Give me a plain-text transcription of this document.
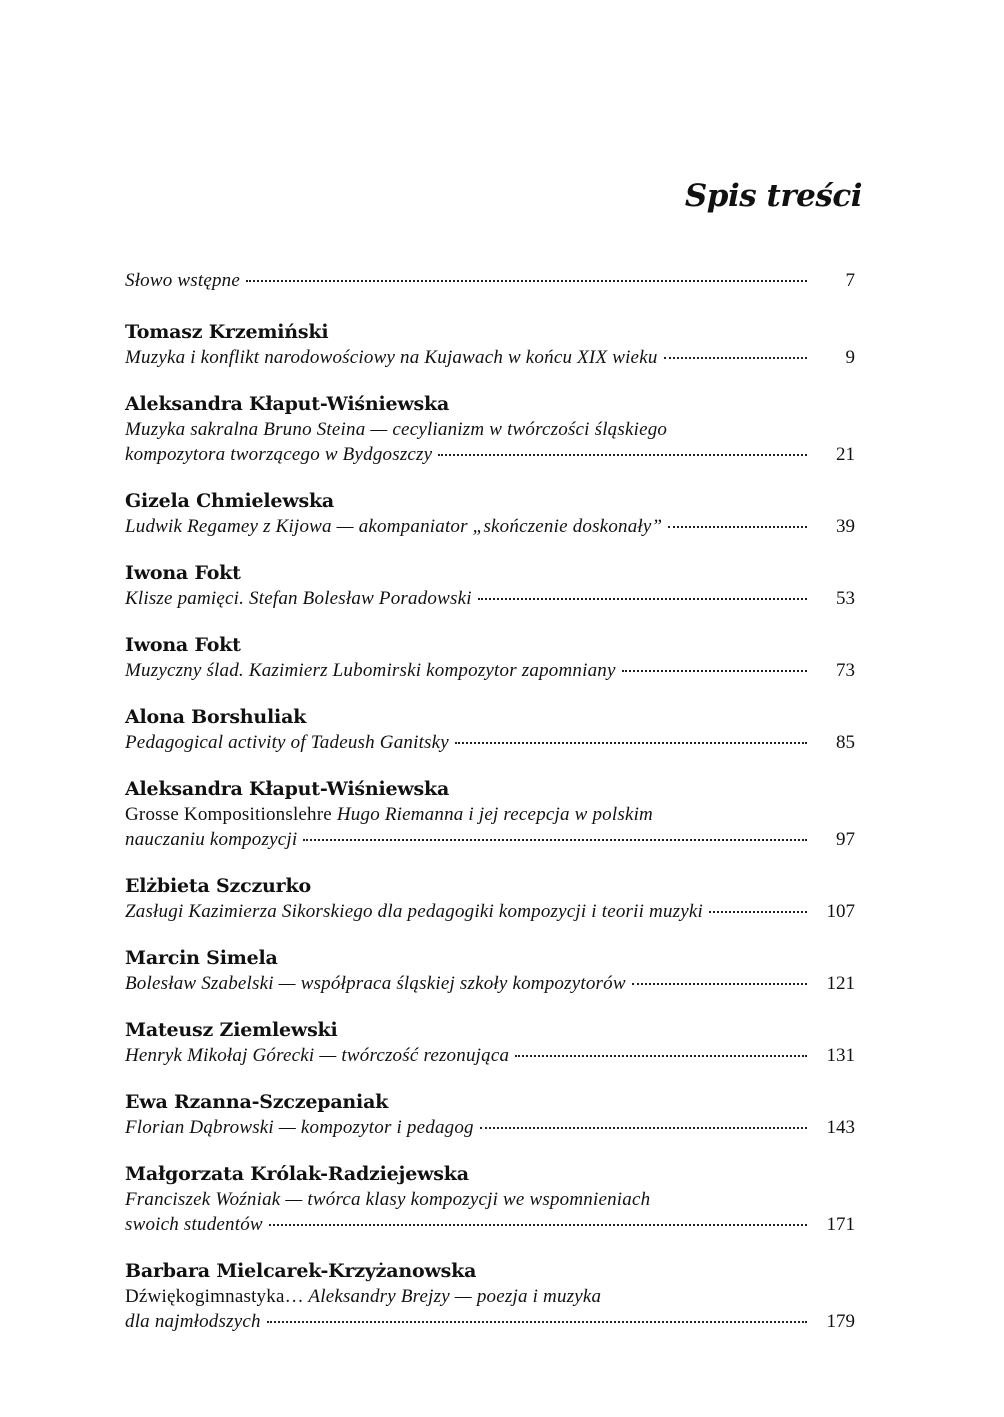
Spis treści
Słowo wstępne	7
Tomasz Krzemiński
Muzyka i konflikt narodowościowy na Kujawach w końcu XIX wieku	9
Aleksandra Kłaput-Wiśniewska
Muzyka sakralna Bruno Steina — cecylianizm w twórczości śląskiego
kompozytora tworzącego w Bydgoszczy	21
Gizela Chmielewska
Ludwik Regamey z Kijowa — akompaniator „skończenie doskonały”	39
Iwona Fokt
Klisze pamięci. Stefan Bolesław Poradowski	53
Iwona Fokt
Muzyczny ślad. Kazimierz Lubomirski kompozytor zapomniany	73
Alona Borshuliak
Pedagogical activity of Tadeush Ganitsky	85
Aleksandra Kłaput-Wiśniewska
Grosse Kompositionslehre Hugo Riemanna i jej recepcja w polskim
nauczaniu kompozycji	97
Elżbieta Szczurko
Zasługi Kazimierza Sikorskiego dla pedagogiki kompozycji i teorii muzyki	107
Marcin Simela
Bolesław Szabelski — współpraca śląskiej szkoły kompozytorów	121
Mateusz Ziemlewski
Henryk Mikołaj Górecki — twórczość rezonująca	131
Ewa Rzanna-Szczepaniak
Florian Dąbrowski — kompozytor i pedagog	143
Małgorzata Królak-Radziejewska
Franciszek Woźniak — twórca klasy kompozycji we wspomnieniach
swoich studentów	171
Barbara Mielcarek-Krzyżanowska
Dźwiękogimnastyka… Aleksandry Brejzy — poezja i muzyka
dla najmłodszych	179
